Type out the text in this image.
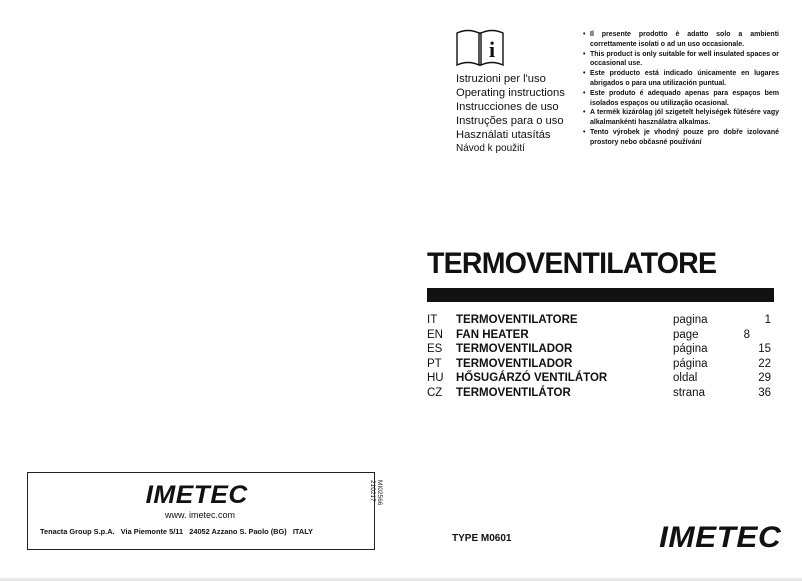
i
Istruzioni per l'uso
Operating instructions
Instrucciones de uso
Instruções para o uso
Használati utasítás
Návod k použití
• Il presente prodotto è adatto solo a ambienti correttamente isolati o ad un uso occasionale.
• This product is only suitable for well insulated spaces or occasional use.
• Este producto está indicado únicamente en lugares abrigados o para una utilización puntual.
• Este produto é adequado apenas para espaços bem isolados espaços ou utilização ocasional.
• A termék kizárólag jól szigetelt helyiségek fűtésére vagy alkalmankénti használatra alkalmas.
• Tento výrobek je vhodný pouze pro dobře izolované prostory nebo občasné používání
TERMOVENTILATORE
IT TERMOVENTILATORE	pagina	1
EN FAN HEATER	page	8
ES TERMOVENTILADOR	página	15
PT TERMOVENTILADOR	página	22
HU HŐSUGÁRZÓ VENTILÁTOR	oldal	29
CZ TERMOVENTILÁTOR	strana	36
IMETEC	MI02566
210217
www. imetec.com
Tenacta Group S.p.A.   Via Piemonte 5/11   24052 Azzano S. Paolo (BG)   ITALY
TYPE M0601	IMETEC
